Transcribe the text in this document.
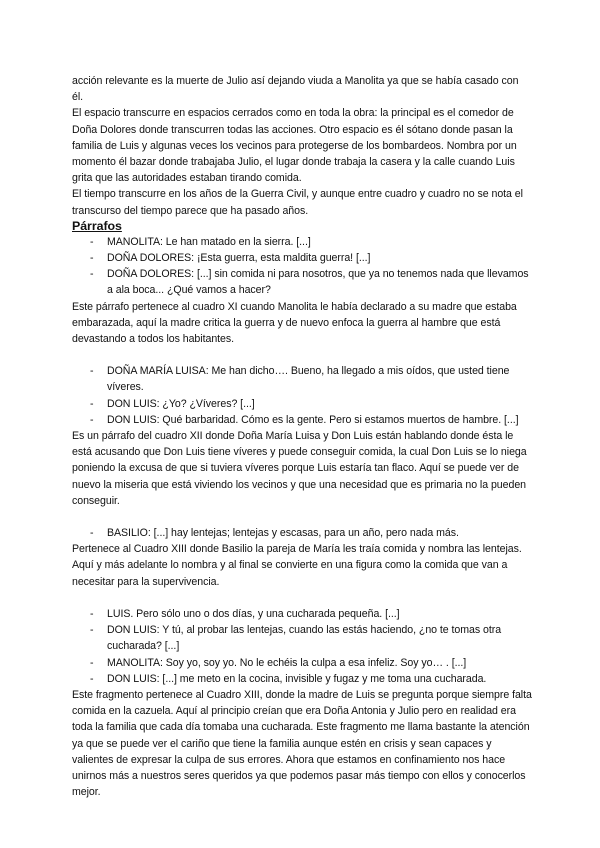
acción relevante es la muerte de Julio así dejando viuda a Manolita ya que se había casado con él.

El espacio transcurre en espacios cerrados como en toda la obra: la principal es el comedor de Doña Dolores donde transcurren todas las acciones. Otro espacio es él sótano donde pasan la familia de Luis y algunas veces los vecinos para protegerse de los bombardeos. Nombra por un momento él bazar donde trabajaba Julio, el lugar donde trabaja la casera y la calle cuando Luis grita que las autoridades estaban tirando comida.

El tiempo transcurre en los años de la Guerra Civil, y aunque entre cuadro y cuadro no se nota el transcurso del tiempo parece que ha pasado años.

Párrafos

- MANOLITA: Le han matado en la sierra. [...]
- DOÑA DOLORES: ¡Esta guerra, esta maldita guerra! [...]
- DOÑA DOLORES: [...] sin comida ni para nosotros, que ya no tenemos nada que llevamos a ala boca... ¿Qué vamos a hacer?

Este párrafo pertenece al cuadro XI cuando Manolita le había declarado a su madre que estaba embarazada, aquí la madre critica la guerra y de nuevo enfoca la guerra al hambre que está devastando a todos los habitantes.

- DOÑA MARÍA LUISA: Me han dicho…. Bueno, ha llegado a mis oídos, que usted tiene víveres.
- DON LUIS: ¿Yo? ¿Víveres? [...]
- DON LUIS: Qué barbaridad. Cómo es la gente. Pero si estamos muertos de hambre. [...]

Es un párrafo del cuadro XII donde Doña María Luisa y Don Luis están hablando donde ésta le está acusando que Don Luis tiene víveres y puede conseguir comida, la cual Don Luis se lo niega poniendo la excusa de que si tuviera víveres porque Luis estaría tan flaco. Aquí se puede ver de nuevo la miseria que está viviendo los vecinos y que una necesidad que es primaria no la pueden conseguir.

- BASILIO: [...] hay lentejas; lentejas y escasas, para un año, pero nada más.

Pertenece al Cuadro XIII donde Basilio la pareja de María les traía comida y nombra las lentejas. Aquí y más adelante lo nombra y al final se convierte en una figura como la comida que van a necesitar para la supervivencia.

- LUIS. Pero sólo uno o dos días, y una cucharada pequeña. [...]
- DON LUIS: Y tú, al probar las lentejas, cuando las estás haciendo, ¿no te tomas otra cucharada? [...]
- MANOLITA: Soy yo, soy yo. No le echéis la culpa a esa infeliz. Soy yo… . [...]
- DON LUIS: [...] me meto en la cocina, invisible y fugaz y me toma una cucharada.

Este fragmento pertenece al Cuadro XIII, donde la madre de Luis se pregunta porque siempre falta comida en la cazuela. Aquí al principio creían que era Doña Antonia y Julio pero en realidad era toda la familia que cada día tomaba una cucharada. Este fragmento me llama bastante la atención ya que se puede ver el cariño que tiene la familia aunque estén en crisis y sean capaces y valientes de expresar la culpa de sus errores. Ahora que estamos en confinamiento nos hace unirnos más a nuestros seres queridos ya que podemos pasar más tiempo con ellos y conocerlos mejor.
